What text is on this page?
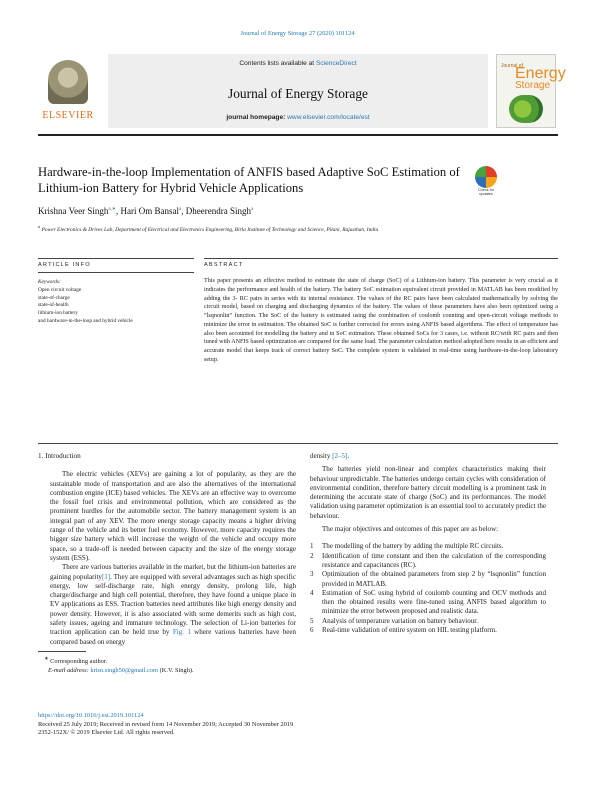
Journal of Energy Storage 27 (2020) 101124
ELSEVIER
Contents lists available at ScienceDirect
Journal of Energy Storage
journal homepage: www.elsevier.com/locate/est
Journal of
Energy
Storage
Hardware-in-the-loop Implementation of ANFIS based Adaptive SoC Estimation of Lithium-ion Battery for Hybrid Vehicle Applications	Check for
updates
Krishna Veer Singh$^{a,∗}$, Hari Om Bansal$^a$, Dheerendra Singh$^a$
$^a$ Power Electronics & Drives Lab, Department of Electrical and Electronics Engineering, Birla Institute of Technology and Science, Pilani, Rajasthan, India
ARTICLE INFO	ABSTRACT
Keywords:
Open circuit voltage
state-of-charge
state-of-health
lithium-ion battery
and hardware-in-the-loop and hybrid vehicle
This paper presents an effective method to estimate the state of charge (SoC) of a Lithium-ion battery. This parameter is very crucial as it indicates the performance and health of the battery. The battery SoC estimation equivalent circuit provided in MATLAB has been modified by adding the 3- RC pairs in series with its internal resistance. The values of the RC pairs have been calculated mathematically by solving the circuit model, based on charging and discharging dynamics of the battery. The values of these parameters have also been optimized using a “lsqnonlin” function. The SoC of the battery is estimated using the combination of coulomb counting and open-circuit voltage methods to minimize the error in estimation. The obtained SoC is further corrected for errors using ANFIS based algorithms. The effect of temperature has also been accounted for modelling the battery and in SoC estimation. These obtained SoCs for 3 cases, i.e. without RC/with RC pairs and then tuned with ANFIS based optimization are compared for the same load. The parameter calculation method adopted here results in an efficient and accurate model that keeps track of correct battery SoC. The complete system is validated in real-time using hardware-in-the-loop laboratory setup.
1. Introduction

The electric vehicles (XEVs) are gaining a lot of popularity, as they are the sustainable mode of transportation and are also the alternatives of the international combustion engine (ICE) based vehicles. The XEVs are an effective way to overcome the fossil fuel crisis and environmental pollution, which are considered as the prominent hurdles for the automobile sector. The battery management system is an integral part of any XEV. The more energy storage capacity means a higher driving range of the vehicle and its better fuel economy. However, more capacity requires the bigger size battery which will increase the weight of the vehicle and occupy more space, so a trade-off is needed between capacity and the size of the energy storage system (ESS).

There are various batteries available in the market, but the lithium-ion batteries are gaining popularity[1]. They are equipped with several advantages such as high specific energy, low self-discharge rate, high energy density, prolong life, high charge/discharge and high cell potential, therefore, they have found a unique place in EV applications as ESS. Traction batteries need attributes like high energy density and power density. However, it is also associated with some demerits such as high cost, safety issues, ageing and immature technology. The selection of Li-ion batteries for traction application can be held true by Fig. 1 where various batteries have been compared based on energy

density [2–5].

The batteries yield non-linear and complex characteristics making their behaviour unpredictable. The batteries undergo certain cycles with consideration of environmental condition, therefore battery circuit modelling is a prominent task in determining the accurate state of charge (SoC) and its performances. The model validation using parameter optimization is an essential tool to accurately predict the behaviour.

The major objectives and outcomes of this paper are as below:

1 The modelling of the battery by adding the multiple RC circuits.
2 Identification of time constant and then the calculation of the corresponding resistance and capacitances (RC).
3 Optimization of the obtained parameters from step 2 by “lsqnonlin” function provided in MATLAB.
4 Estimation of SoC using hybrid of coulomb counting and OCV methods and then the obtained results were fine-tuned using ANFIS based algorithm to minimize the error between proposed and realistic data.
5 Analysis of temperature variation on battery behaviour.
6 Real-time validation of entire system on HIL testing platform.
∗ Corresponding author.
E-mail address: krisn.singh50@gmail.com (K.V. Singh).
https://doi.org/10.1016/j.est.2019.101124
Received 25 July 2019; Received in revised form 14 November 2019; Accepted 30 November 2019
2352-152X/ © 2019 Elsevier Ltd. All rights reserved.
